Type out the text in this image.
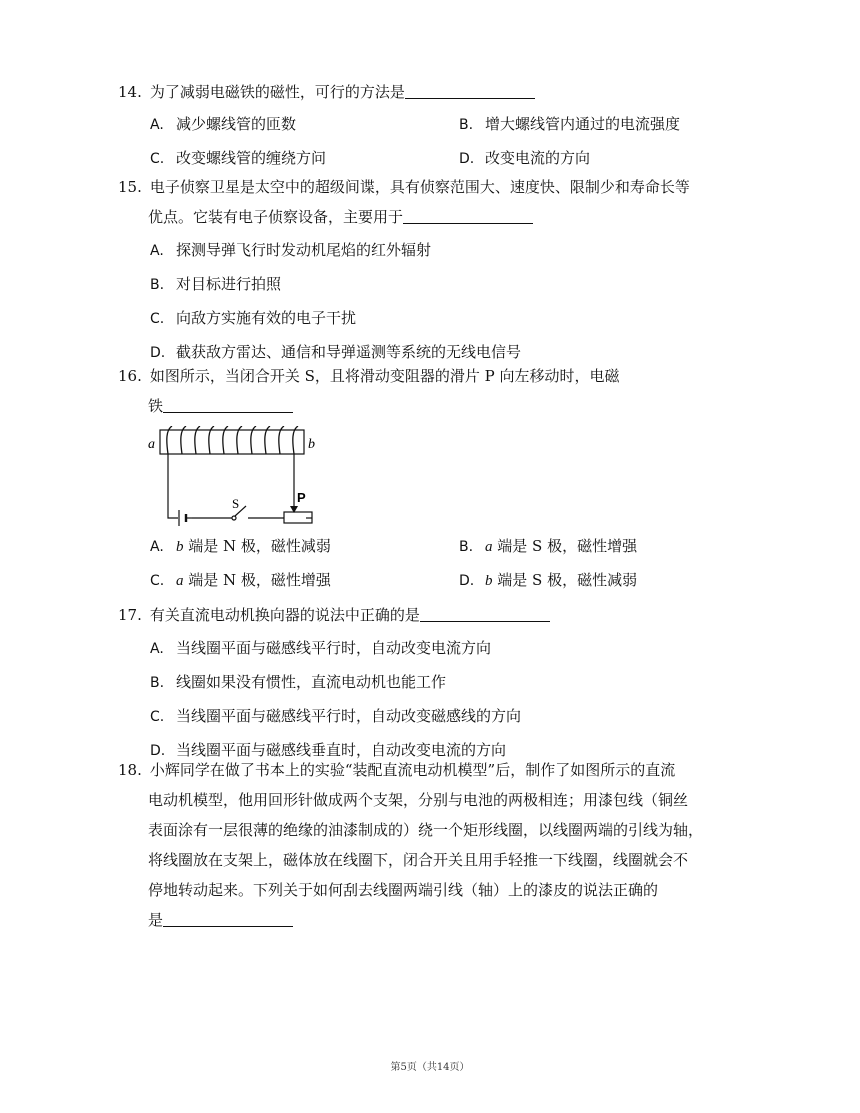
14. 为了减弱电磁铁的磁性，可行的方法是
A. 减少螺线管的匝数	B. 增大螺线管内通过的电流强度
C. 改变螺线管的缠绕方问	D. 改变电流的方向
15. 电子侦察卫星是太空中的超级间谍，具有侦察范围大、速度快、限制少和寿命长等
优点。它装有电子侦察设备，主要用于
A. 探测导弹飞行时发动机尾焰的红外辐射
B. 对目标进行拍照
C. 向敌方实施有效的电子干扰
D. 截获敌方雷达、通信和导弹遥测等系统的无线电信号
16. 如图所示，当闭合开关 S，且将滑动变阻器的滑片 P 向左移动时，电磁
铁
a	b
S	P
A. b 端是 N 极，磁性减弱	B. a 端是 S 极，磁性增强
C. a 端是 N 极，磁性增强	D. b 端是 S 极，磁性减弱
17. 有关直流电动机换向器的说法中正确的是
A. 当线圈平面与磁感线平行时，自动改变电流方向
B. 线圈如果没有惯性，直流电动机也能工作
C. 当线圈平面与磁感线平行时，自动改变磁感线的方向
D. 当线圈平面与磁感线垂直时，自动改变电流的方向
18. 小辉同学在做了书本上的实验“装配直流电动机模型”后，制作了如图所示的直流
电动机模型，他用回形针做成两个支架，分别与电池的两极相连；用漆包线（铜丝
表面涂有一层很薄的绝缘的油漆制成的）绕一个矩形线圈，以线圈两端的引线为轴，
将线圈放在支架上，磁体放在线圈下，闭合开关且用手轻推一下线圈，线圈就会不
停地转动起来。下列关于如何刮去线圈两端引线（轴）上的漆皮的说法正确的
是
第5页（共14页）
